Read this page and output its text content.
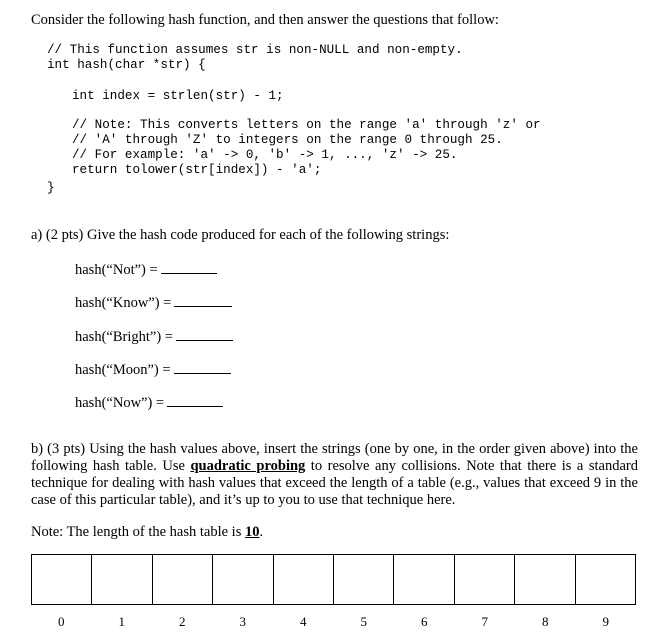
Consider the following hash function, and then answer the questions that follow:
// This function assumes str is non-NULL and non-empty.
int hash(char *str) {
int index = strlen(str) - 1;
// Note: This converts letters on the range 'a' through 'z' or
// 'A' through 'Z' to integers on the range 0 through 25.
// For example: 'a' -> 0, 'b' -> 1, ..., 'z' -> 25.
return tolower(str[index]) - 'a';
}
a) (2 pts) Give the hash code produced for each of the following strings:
hash(“Not”) =
hash(“Know”) =
hash(“Bright”) =
hash(“Moon”) =
hash(“Now”) =
b) (3 pts) Using the hash values above, insert the strings (one by one, in the order given above) into the following hash table. Use quadratic probing to resolve any collisions. Note that there is a standard technique for dealing with hash values that exceed the length of a table (e.g., values that exceed 9 in the case of this particular table), and it’s up to you to use that technique here.
Note: The length of the hash table is 10.
0	1	2	3	4	5	6	7	8	9
